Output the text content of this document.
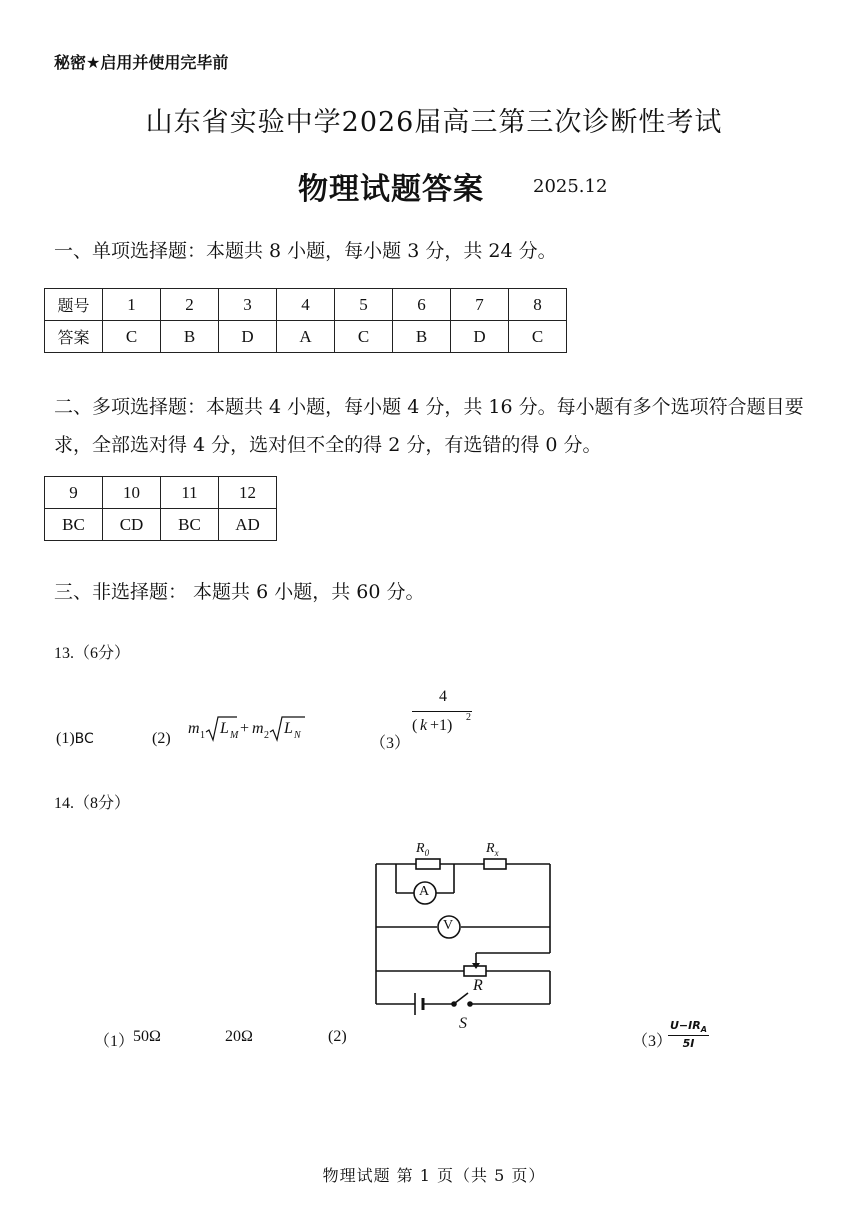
秘密★启用并使用完毕前
山东省实验中学2026届高三第三次诊断性考试
物理试题答案	2025.12
一、单项选择题：本题共 8 小题，每小题 3 分，共 24 分。
题号	1	2	3	4	5	6	7	8
答案	C	B	D	A	C	B	D	C
二、多项选择题：本题共 4 小题，每小题 4 分，共 16 分。每小题有多个选项符合题目要求，全部选对得 4 分，选对但不全的得 2 分，有选错的得 0 分。
9	10	11	12
BC	CD	BC	AD
三、非选择题： 本题共 6 小题，共 60 分。
13.（6分）
(1)BC	(2)
m 1 L M + m 2 L N	（3）
4
( k +1) 2
14.（8分）
（1）
50Ω	20Ω	(2)	（3）
$U-IR_A$
5I
$R_0$	$R_x$
A
V
R
S
物理试题 第 1 页（共 5 页）
